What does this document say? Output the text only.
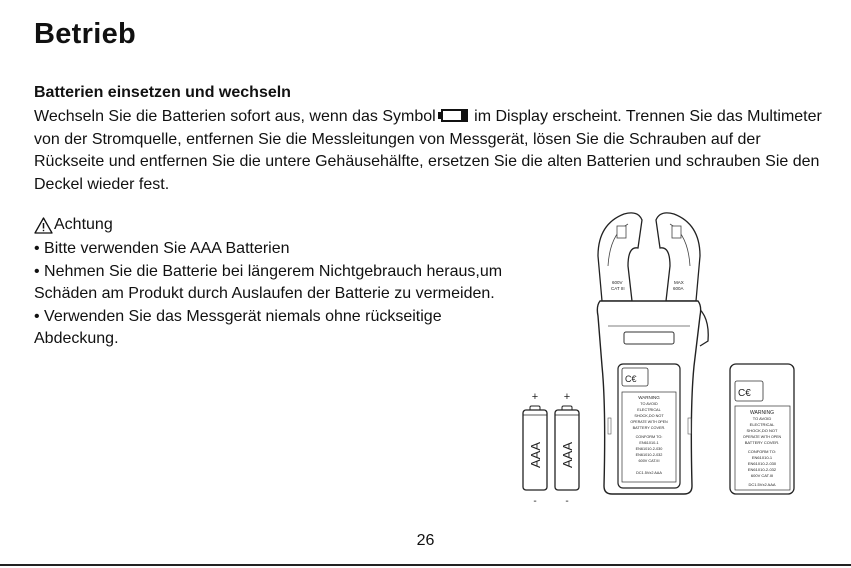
Betrieb
Batterien einsetzen und wechseln

Wechseln Sie die Batterien sofort aus, wenn das Symbol
im Display erscheint. Trennen Sie das Multimeter von der Stromquelle, entfernen Sie die Messleitungen von Messgerät, lösen Sie die Schrauben auf der Rückseite und entfernen Sie die untere Gehäusehälfte, ersetzen Sie die alten Batterien und schrauben Sie den Deckel wieder fest.

Achtung
• Bitte verwenden Sie AAA Batterien
• Nehmen Sie die Batterie bei längerem Nichtgebrauch heraus,um Schäden am Produkt durch Auslaufen der Batterie zu vermeiden.
• Verwenden Sie das Messgerät niemals ohne rückseitige Abdeckung.
+
AAA
-
+
AAA
-
600V
CAT III
MAX
600A
C€
WARNING
TO AVOID
ELECTRICAL
SHOCK,DO NOT
OPERATE WITH OPEN
BATTERY COVER.
CONFORM TO:
EN61010-1
EN61010-2-030
EN61010-2-032
600V CAT.III
DC1.5Vx2 AAA
C€
WARNING
TO AVOID
ELECTRICAL
SHOCK,DO NOT
OPERATE WITH OPEN
BATTERY COVER.
CONFORM TO:
EN61010-1
EN61010-2-030
EN61010-2-032
600V CAT.III
DC1.5Vx2 AAA
26
